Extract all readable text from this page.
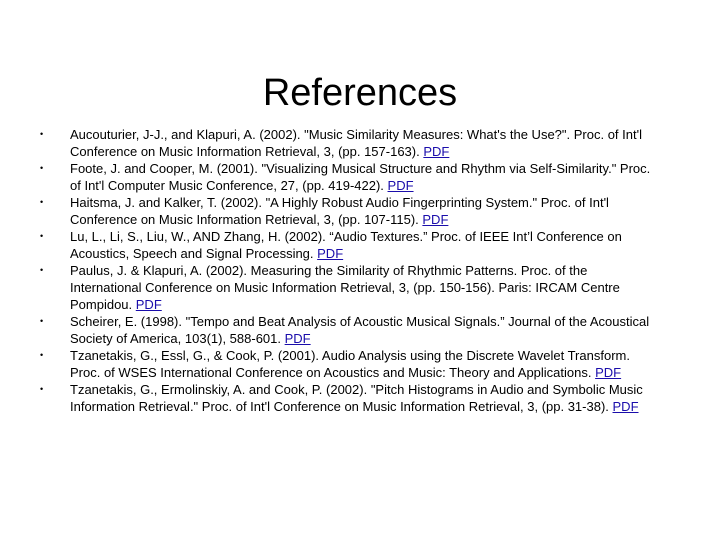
References
•	Aucouturier, J-J., and Klapuri, A. (2002). "Music Similarity Measures: What's the Use?". Proc. of Int'l Conference on Music Information Retrieval, 3, (pp. 157-163). PDF
•	Foote, J. and Cooper, M. (2001). "Visualizing Musical Structure and Rhythm via Self-Similarity." Proc. of Int'l Computer Music Conference, 27, (pp. 419-422). PDF
•	Haitsma, J. and Kalker, T. (2002). "A Highly Robust Audio Fingerprinting System." Proc. of Int'l Conference on Music Information Retrieval, 3, (pp. 107-115). PDF
•	Lu, L., Li, S., Liu, W., AND Zhang, H. (2002). “Audio Textures.” Proc. of IEEE Int’l Conference on Acoustics, Speech and Signal Processing. PDF
•	Paulus, J. & Klapuri, A. (2002). Measuring the Similarity of Rhythmic Patterns. Proc. of the International Conference on Music Information Retrieval, 3, (pp. 150-156). Paris: IRCAM Centre Pompidou. PDF
•	Scheirer, E. (1998). "Tempo and Beat Analysis of Acoustic Musical Signals.” Journal of the Acoustical Society of America, 103(1), 588-601. PDF
•	Tzanetakis, G., Essl, G., & Cook, P. (2001). Audio Analysis using the Discrete Wavelet Transform. Proc. of WSES International Conference on Acoustics and Music: Theory and Applications. PDF
•	Tzanetakis, G., Ermolinskiy, A. and Cook, P. (2002). "Pitch Histograms in Audio and Symbolic Music Information Retrieval." Proc. of Int'l Conference on Music Information Retrieval, 3, (pp. 31-38). PDF
